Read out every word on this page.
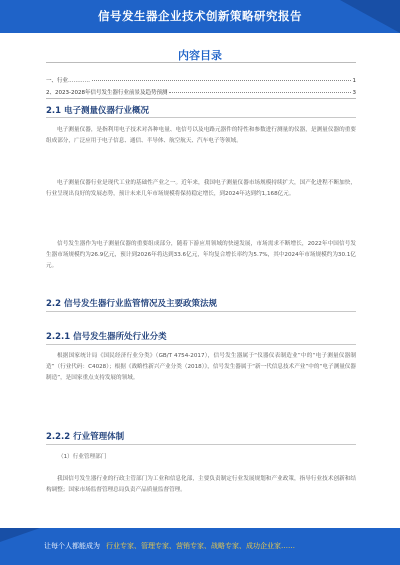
信号发生器企业技术创新策略研究报告
内容目录
一、行业…………	1
2、2023-2028年信号发生器行业前景及趋势预测	3
2.1 电子测量仪器行业概况
电子测量仪器，是指利用电子技术对各种电量、电信号以及电路元器件的特性和参数进行测量的仪器，是测量仪器的重要组成部分，广泛应用于电子信息、通信、半导体、航空航天、汽车电子等领域。
电子测量仪器行业是现代工业的基础性产业之一。近年来，我国电子测量仪器市场规模持续扩大，国产化进程不断加快，行业呈现出良好的发展态势，预计未来几年市场规模将保持稳定增长，到2024年达到约1,168亿元。
信号发生器作为电子测量仪器的重要组成部分，随着下游应用领域的快速发展，市场需求不断增长，2022年中国信号发生器市场规模约为26.9亿元，预计到2026年将达到33.6亿元，年均复合增长率约为5.7%，其中2024年市场规模约为30.1亿元。
2.2 信号发生器行业监管情况及主要政策法规
2.2.1 信号发生器所处行业分类
根据国家统计局《国民经济行业分类》（GB/T 4754-2017），信号发生器属于“仪器仪表制造业”中的“电子测量仪器制造”（行业代码：C4028）；根据《战略性新兴产业分类（2018）》，信号发生器属于“新一代信息技术产业”中的“电子测量仪器制造”，是国家重点支持发展的领域。
2.2.2 行业管理体制
（1）行业管理部门
我国信号发生器行业的行政主管部门为工业和信息化部，主要负责制定行业发展规划和产业政策，指导行业技术创新和结构调整；国家市场监督管理总局负责产品质量监督管理。
让每个人都能成为 行业专家、管理专家、营销专家、战略专家、成功企业家……
